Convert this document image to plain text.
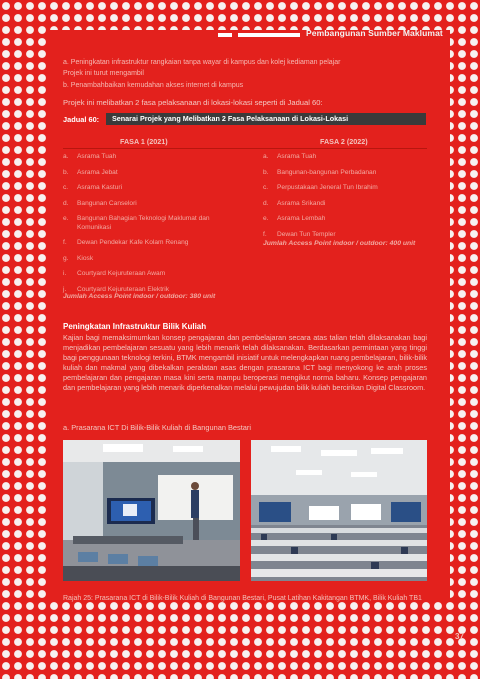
Pembangunan Sumber Maklumat
a. Peningkatan infrastruktur rangkaian tanpa wayar di kampus dan kolej kediaman pelajar
Projek ini turut mengambil
b. Penambahbaikan kemudahan akses internet di kampus
Projek ini melibatkan 2 fasa pelaksanaan di lokasi-lokasi seperti di Jadual 60:
Jadual 60:	Senarai Projek yang Melibatkan 2 Fasa Pelaksanaan di Lokasi-Lokasi
FASA 1 (2021)	FASA 2 (2022)
a. Asrama Tuah
b. Asrama Jebat
c. Asrama Kasturi
d. Bangunan Canselori
e. Bangunan Bahagian Teknologi Maklumat dan Komunikasi
f. Dewan Pendekar Kafe Kolam Renang
g. Kiosk
i. Courtyard Kejuruteraan Awam
j. Courtyard Kejuruteraan Elektrik
a. Asrama Tuah
b. Bangunan-bangunan Perbadanan
c. Perpustakaan Jeneral Tun Ibrahim
d. Asrama Srikandi
e. Asrama Lembah
f. Dewan Tun Templer
Jumlah Access Point indoor / outdoor: 380 unit
Jumlah Access Point indoor / outdoor: 400 unit
Peningkatan Infrastruktur Bilik Kuliah
Kajian bagi memaksimumkan konsep pengajaran dan pembelajaran secara atas talian telah dilaksanakan bagi menjadikan pembelajaran sesuatu yang lebih menarik telah dilaksanakan. Berdasarkan permintaan yang tinggi bagi penggunaan teknologi terkini, BTMK mengambil inisiatif untuk melengkapkan ruang pembelajaran, bilik-bilik kuliah dan makmal yang dibekalkan peralatan asas dengan prasarana ICT bagi menyokong ke arah proses pembelajaran dan pengajaran masa kini serta mampu beroperasi mengikut norma baharu. Konsep pengajaran dan pembelajaran yang lebih menarik diperkenalkan melalui pewujudan bilik kuliah bercirikan Digital Classroom.
a. Prasarana ICT Di Bilik-Bilik Kuliah di Bangunan Bestari
Rajah 25: Prasarana ICT di Bilik-Bilik Kuliah di Bangunan Bestari, Pusat Latihan Kakitangan BTMK, Bilik Kuliah TB1
37
